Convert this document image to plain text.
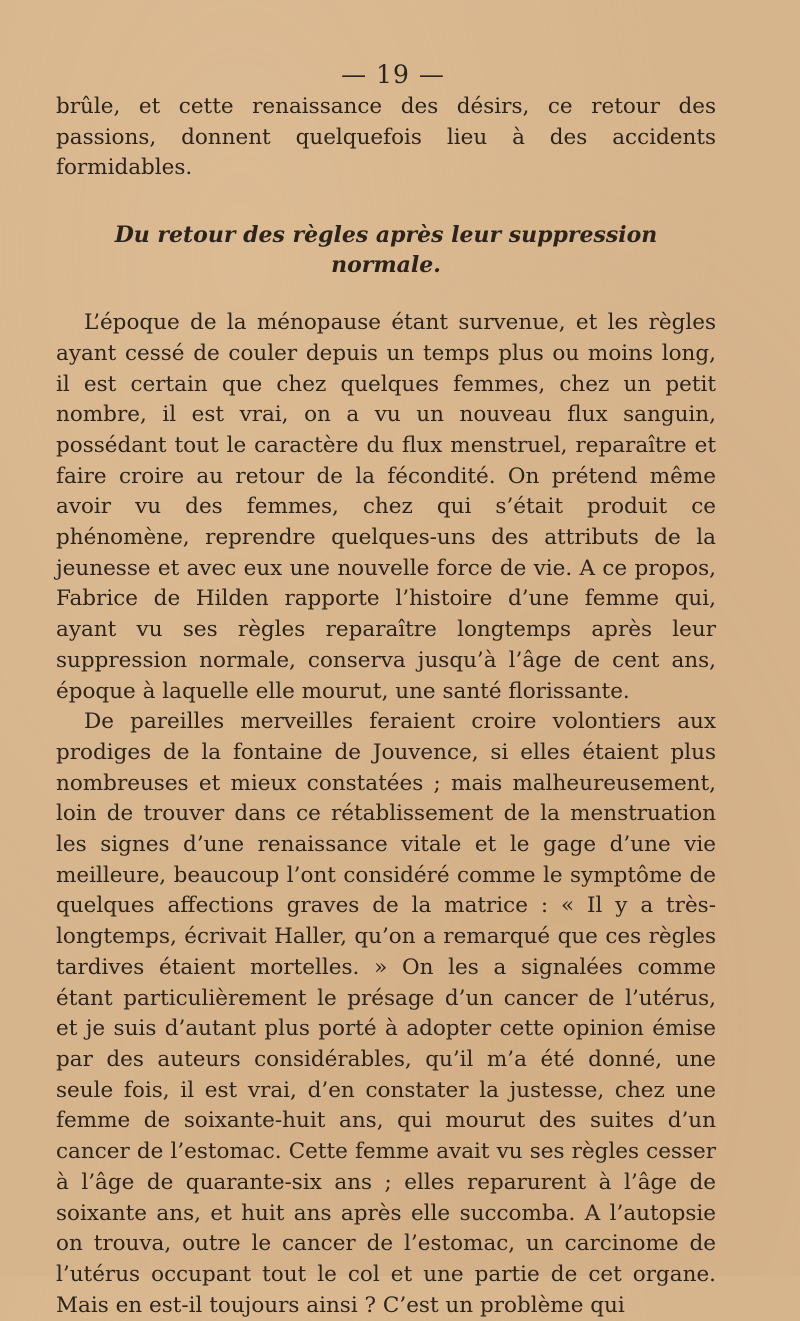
— 19 —

brûle, et cette renaissance des désirs, ce retour des passions, donnent quelquefois lieu à des accidents formidables.

Du retour des règles après leur suppression normale.

L’époque de la ménopause étant survenue, et les règles ayant cessé de couler depuis un temps plus ou moins long, il est certain que chez quelques femmes, chez un petit nombre, il est vrai, on a vu un nouveau flux sanguin, possédant tout le caractère du flux menstruel, reparaître et faire croire au retour de la fécondité. On prétend même avoir vu des femmes, chez qui s’était produit ce phénomène, reprendre quelques-uns des attributs de la jeunesse et avec eux une nouvelle force de vie. A ce propos, Fabrice de Hilden rapporte l’histoire d’une femme qui, ayant vu ses règles reparaître longtemps après leur suppression normale, conserva jusqu’à l’âge de cent ans, époque à laquelle elle mourut, une santé florissante.

De pareilles merveilles feraient croire volontiers aux prodiges de la fontaine de Jouvence, si elles étaient plus nombreuses et mieux constatées ; mais malheureusement, loin de trouver dans ce rétablissement de la menstruation les signes d’une renaissance vitale et le gage d’une vie meilleure, beaucoup l’ont considéré comme le symptôme de quelques affections graves de la matrice : « Il y a très-longtemps, écrivait Haller, qu’on a remarqué que ces règles tardives étaient mortelles. » On les a signalées comme étant particulièrement le présage d’un cancer de l’utérus, et je suis d’autant plus porté à adopter cette opinion émise par des auteurs considérables, qu’il m’a été donné, une seule fois, il est vrai, d’en constater la justesse, chez une femme de soixante-huit ans, qui mourut des suites d’un cancer de l’estomac. Cette femme avait vu ses règles cesser à l’âge de quarante-six ans ; elles reparurent à l’âge de soixante ans, et huit ans après elle succomba. A l’autopsie on trouva, outre le cancer de l’estomac, un carcinome de l’utérus occupant tout le col et une partie de cet organe. Mais en est-il toujours ainsi ? C’est un problème qui
